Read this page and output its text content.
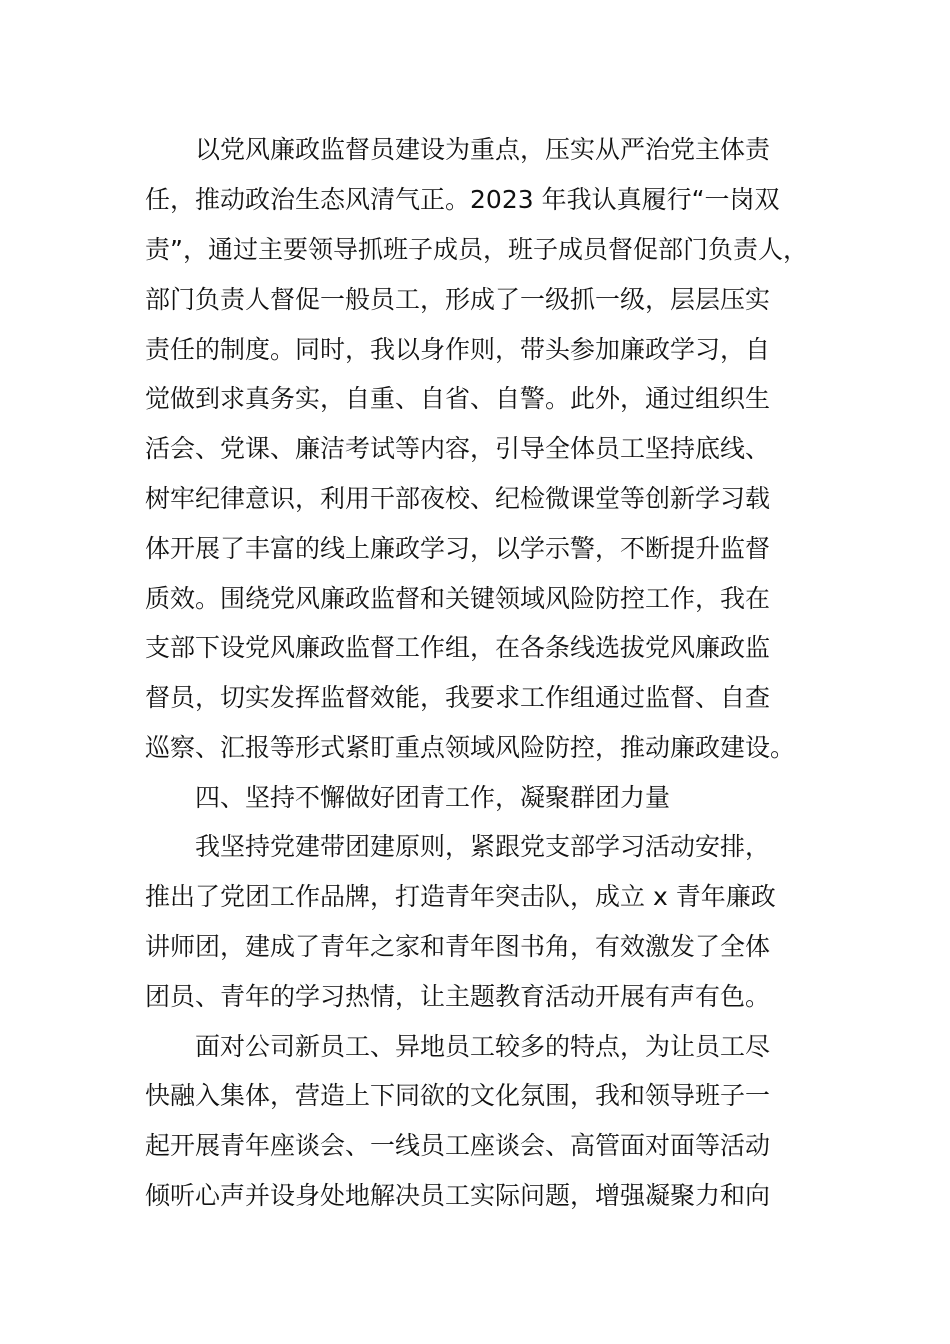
以党风廉政监督员建设为重点，压实从严治党主体责
任，推动政治生态风清气正。2023 年我认真履行“一岗双
责”，通过主要领导抓班子成员，班子成员督促部门负责人，
部门负责人督促一般员工，形成了一级抓一级，层层压实
责任的制度。同时，我以身作则，带头参加廉政学习，自
觉做到求真务实，自重、自省、自警。此外，通过组织生
活会、党课、廉洁考试等内容，引导全体员工坚持底线、
树牢纪律意识，利用干部夜校、纪检微课堂等创新学习载
体开展了丰富的线上廉政学习，以学示警，不断提升监督
质效。围绕党风廉政监督和关键领域风险防控工作，我在
支部下设党风廉政监督工作组，在各条线选拔党风廉政监
督员，切实发挥监督效能，我要求工作组通过监督、自查
巡察、汇报等形式紧盯重点领域风险防控，推动廉政建设。
四、坚持不懈做好团青工作，凝聚群团力量
我坚持党建带团建原则，紧跟党支部学习活动安排，
推出了党团工作品牌，打造青年突击队，成立 x 青年廉政
讲师团，建成了青年之家和青年图书角，有效激发了全体
团员、青年的学习热情，让主题教育活动开展有声有色。
面对公司新员工、异地员工较多的特点，为让员工尽
快融入集体，营造上下同欲的文化氛围，我和领导班子一
起开展青年座谈会、一线员工座谈会、高管面对面等活动
倾听心声并设身处地解决员工实际问题，增强凝聚力和向
